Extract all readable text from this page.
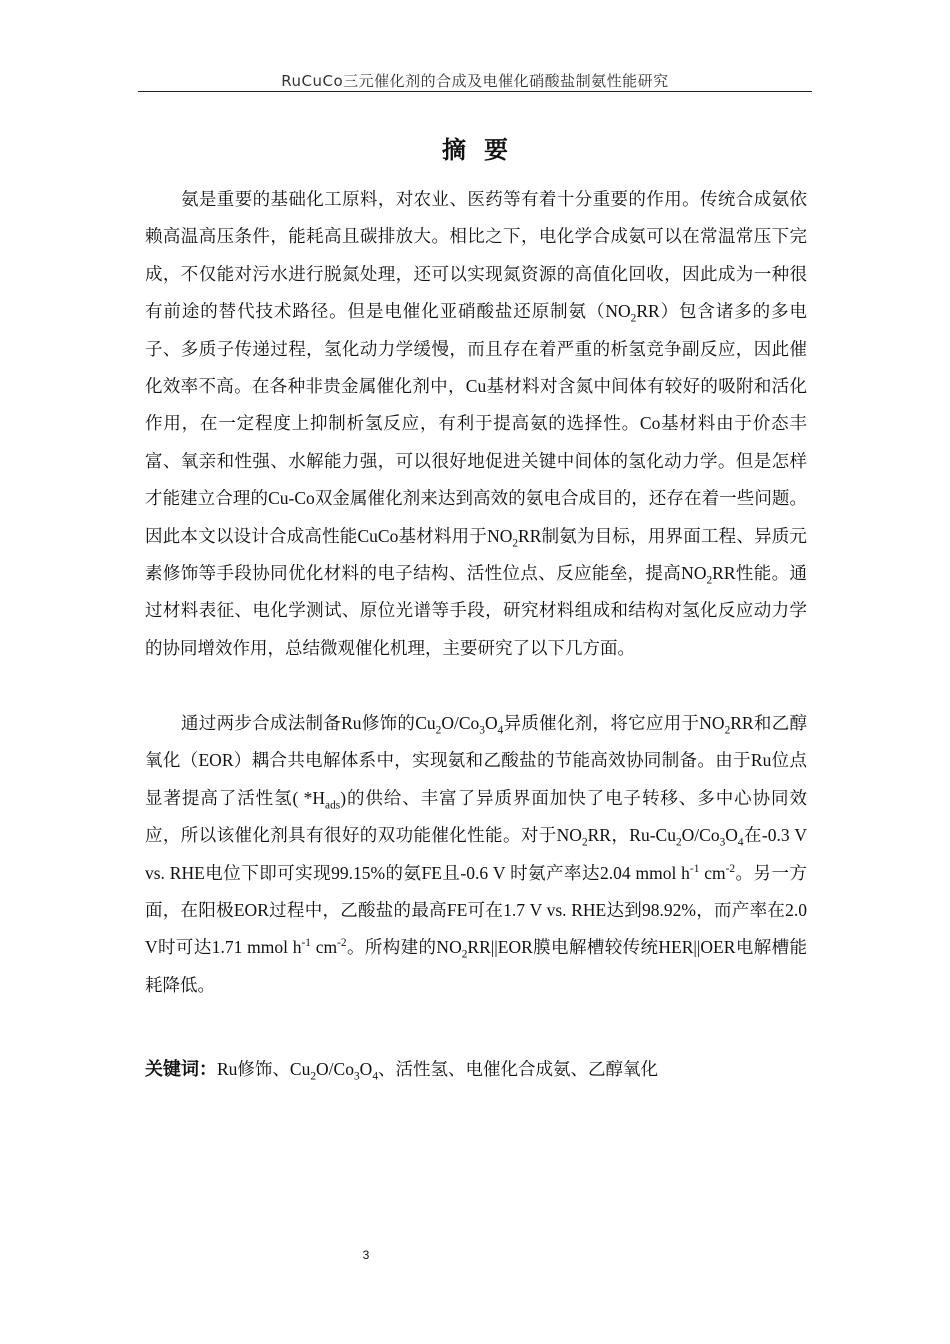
RuCuCo三元催化剂的合成及电催化硝酸盐制氨性能研究
摘要

氨是重要的基础化工原料，对农业、医药等有着十分重要的作用。传统合成氨依赖高温高压条件，能耗高且碳排放大。相比之下，电化学合成氨可以在常温常压下完成，不仅能对污水进行脱氮处理，还可以实现氮资源的高值化回收，因此成为一种很有前途的替代技术路径。但是电催化亚硝酸盐还原制氨$(NO_2RR)$包含诸多的多电子、多质子传递过程，氢化动力学缓慢，而且存在着严重的析氢竞争副反应，因此催化效率不高。在各种非贵金属催化剂中，Cu基材料对含氮中间体有较好的吸附和活化作用，在一定程度上抑制析氢反应，有利于提高氨的选择性。Co基材料由于价态丰富、氧亲和性强、水解能力强，可以很好地促进关键中间体的氢化动力学。但是怎样才能建立合理的Cu-Co双金属催化剂来达到高效的氨电合成目的，还存在着一些问题。因此本文以设计合成高性能CuCo基材料用于$NO_2RR$制氨为目标，用界面工程、异质元素修饰等手段协同优化材料的电子结构、活性位点、反应能垒，提高$NO_2RR$性能。通过材料表征、电化学测试、原位光谱等手段，研究材料组成和结构对氢化反应动力学的协同增效作用，总结微观催化机理，主要研究了以下几方面。

通过两步合成法制备Ru修饰的$Cu_2O/Co_3O_4$异质催化剂，将它应用于$NO_2RR$和乙醇氧化（EOR）耦合共电解体系中，实现氨和乙酸盐的节能高效协同制备。由于Ru位点显著提高了活性氢( $*H_{ads}$)的供给、丰富了异质界面加快了电子转移、多中心协同效应，所以该催化剂具有很好的双功能催化性能。对于$NO_2RR$，$Ru-Cu_2O/Co_3O_4$在-0.3 V vs. RHE电位下即可实现99.15%的氨FE且-0.6 V 时氨产率达2.04 mmol $h^{-1}$ $cm^{-2}$。另一方面，在阳极EOR过程中，乙酸盐的最高FE可在1.7 V vs. RHE达到98.92%，而产率在2.0 V时可达1.71 mmol $h^{-1}$ $cm^{-2}$。所构建的$NO_2RR||EOR$膜电解槽较传统HER||OER电解槽能耗降低。

关键词：Ru修饰、$Cu_2O/Co_3O_4$、活性氢、电催化合成氨、乙醇氧化
3
